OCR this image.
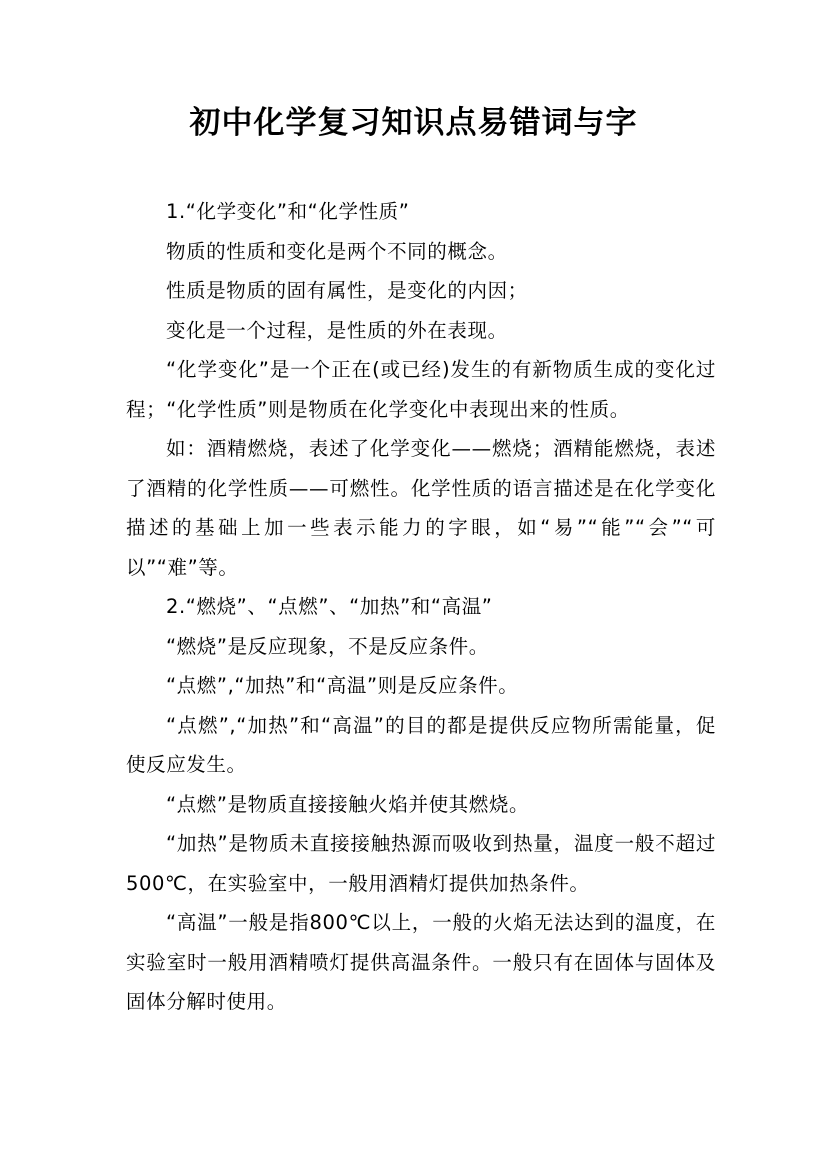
初中化学复习知识点易错词与字

1.“化学变化”和“化学性质”

物质的性质和变化是两个不同的概念。

性质是物质的固有属性，是变化的内因；

变化是一个过程，是性质的外在表现。

“化学变化”是一个正在(或已经)发生的有新物质生成的变化过程；“化学性质”则是物质在化学变化中表现出来的性质。

如：酒精燃烧，表述了化学变化——燃烧；酒精能燃烧，表述了酒精的化学性质——可燃性。化学性质的语言描述是在化学变化描述的基础上加一些表示能力的字眼，如“易”“能”“会”“可以”“难”等。

2.“燃烧”、“点燃”、“加热”和“高温”

“燃烧”是反应现象，不是反应条件。

“点燃”,“加热”和“高温”则是反应条件。

“点燃”,“加热”和“高温”的目的都是提供反应物所需能量，促使反应发生。

“点燃”是物质直接接触火焰并使其燃烧。

“加热”是物质未直接接触热源而吸收到热量，温度一般不超过500℃，在实验室中，一般用酒精灯提供加热条件。

“高温”一般是指800℃以上，一般的火焰无法达到的温度，在实验室时一般用酒精喷灯提供高温条件。一般只有在固体与固体及固体分解时使用。
